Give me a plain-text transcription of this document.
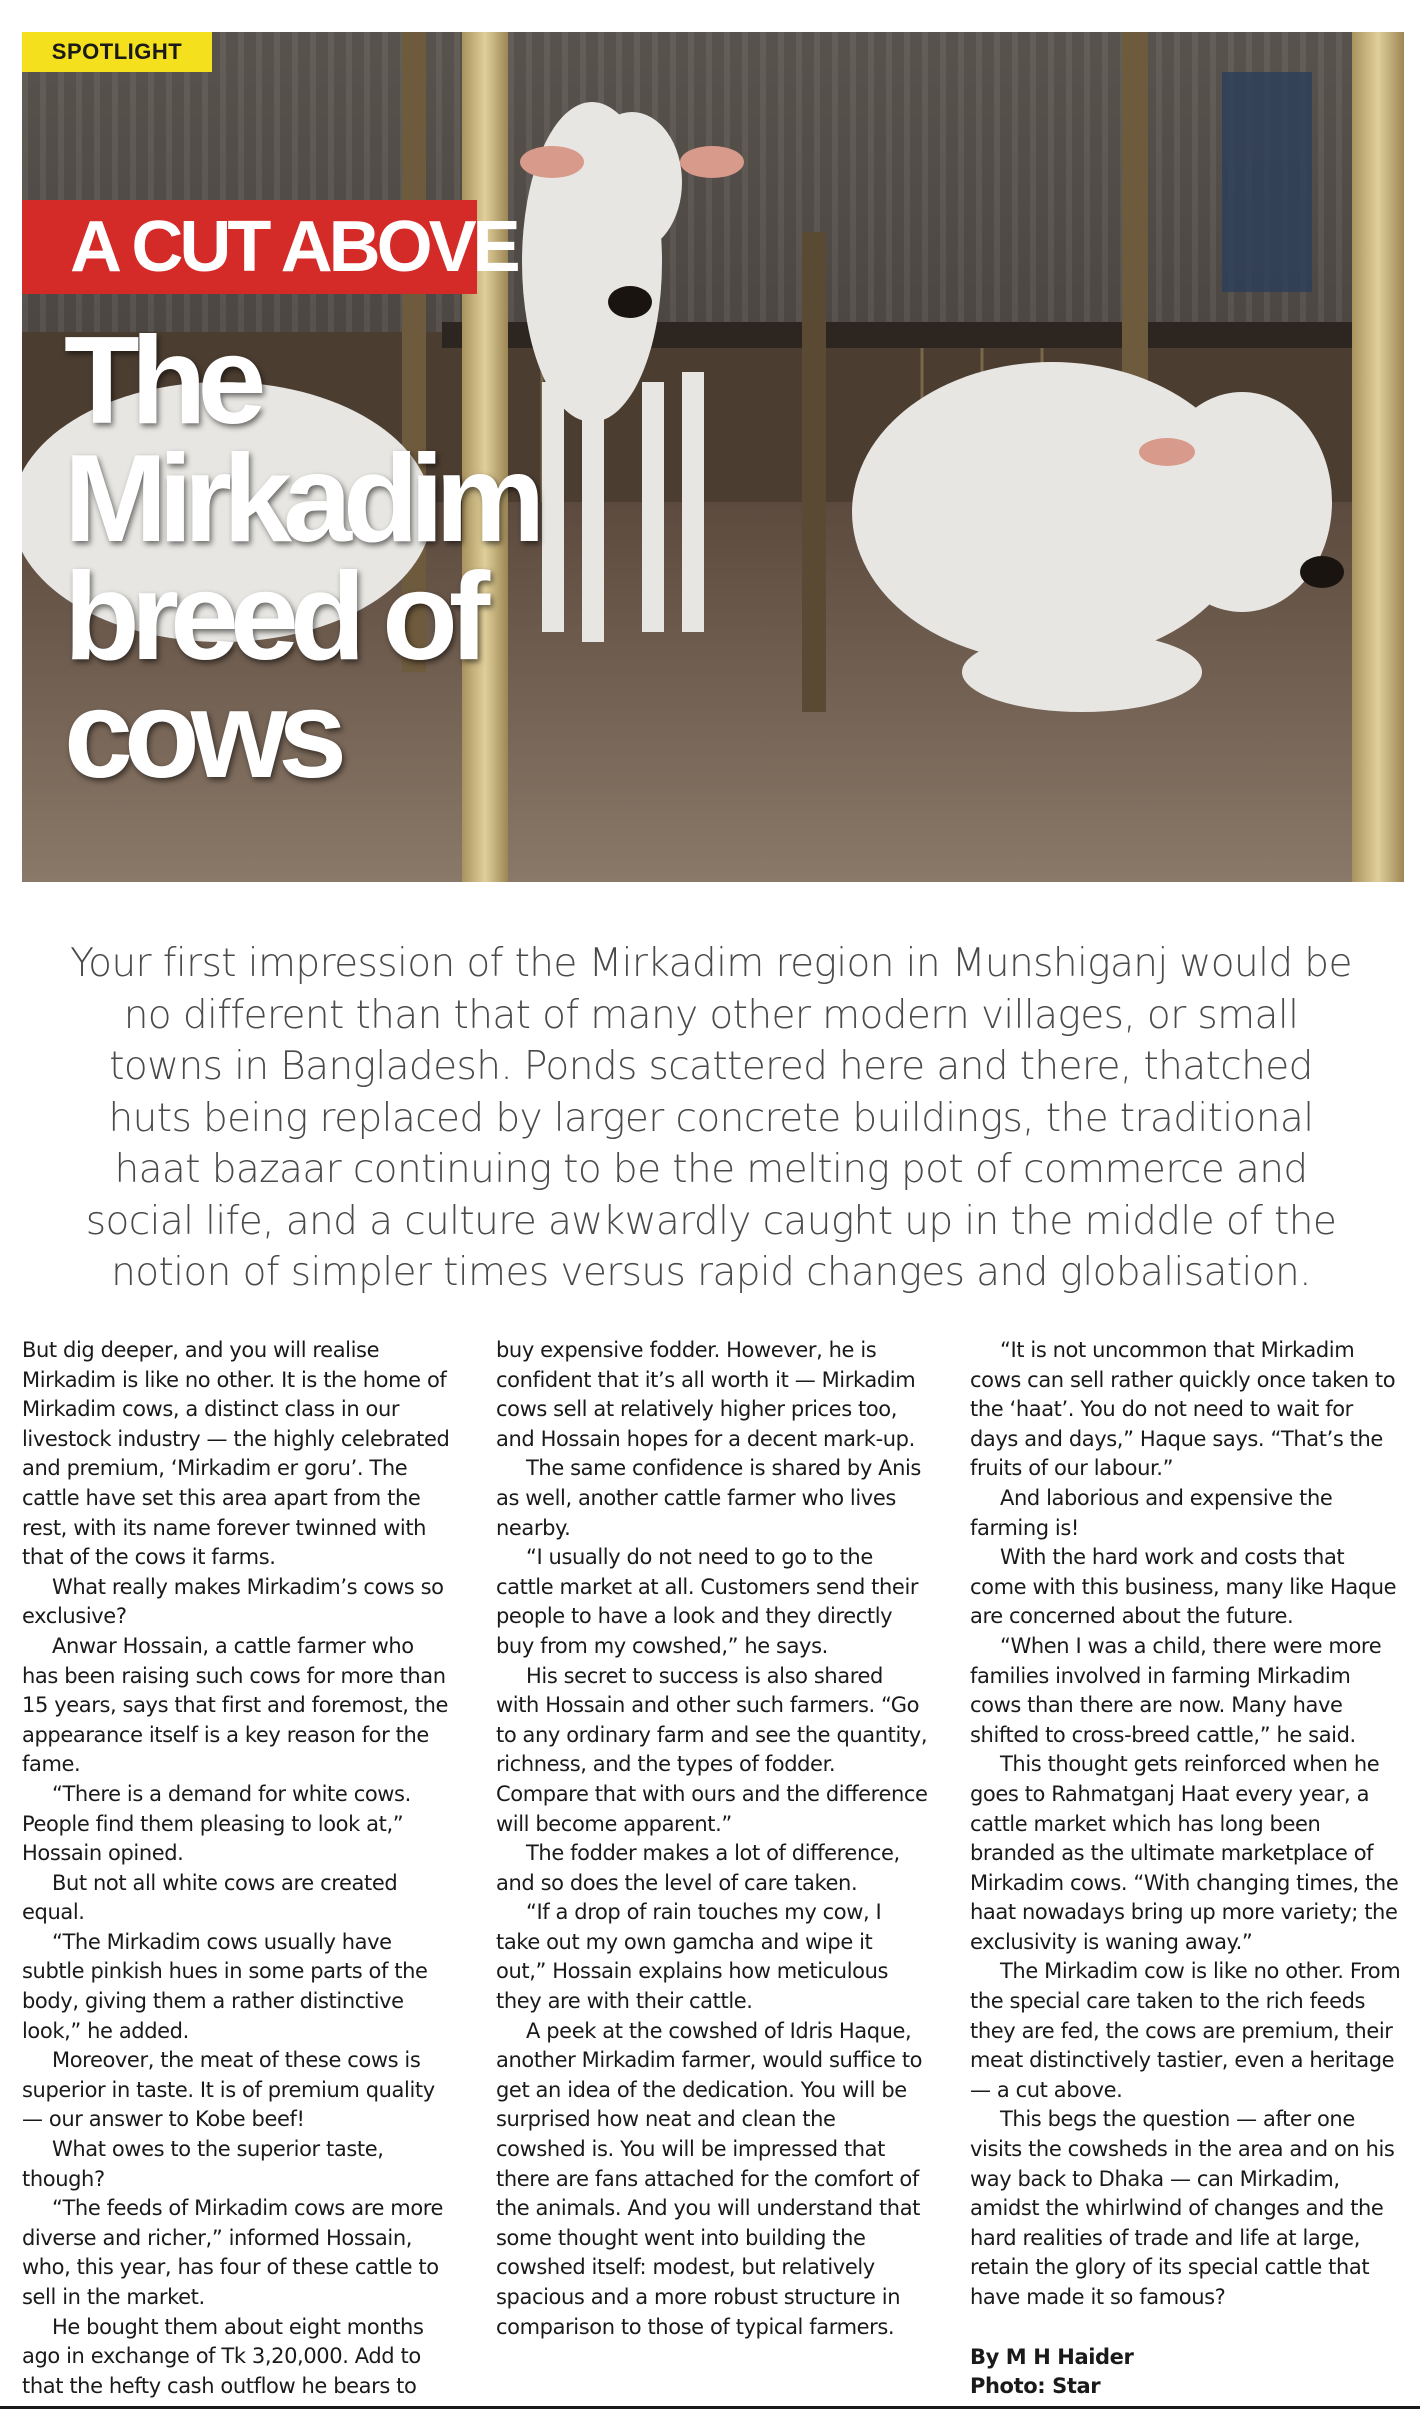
SPOTLIGHT
A CUT ABOVE
The Mirkadim breed of cows
Your first impression of the Mirkadim region in Munshiganj would be no different than that of many other modern villages, or small towns in Bangladesh. Ponds scattered here and there, thatched huts being replaced by larger concrete buildings, the traditional haat bazaar continuing to be the melting pot of commerce and social life, and a culture awkwardly caught up in the middle of the notion of simpler times versus rapid changes and globalisation.

But dig deeper, and you will realise Mirkadim is like no other. It is the home of Mirkadim cows, a distinct class in our livestock industry — the highly celebrated and premium, ‘Mirkadim er goru’. The cattle have set this area apart from the rest, with its name forever twinned with that of the cows it farms.

What really makes Mirkadim’s cows so exclusive?

Anwar Hossain, a cattle farmer who has been raising such cows for more than 15 years, says that first and foremost, the appearance itself is a key reason for the fame.

“There is a demand for white cows. People find them pleasing to look at,” Hossain opined.

But not all white cows are created equal.

“The Mirkadim cows usually have subtle pinkish hues in some parts of the body, giving them a rather distinctive look,” he added.

Moreover, the meat of these cows is superior in taste. It is of premium quality — our answer to Kobe beef!

What owes to the superior taste, though?

“The feeds of Mirkadim cows are more diverse and richer,” informed Hossain, who, this year, has four of these cattle to sell in the market.

He bought them about eight months ago in exchange of Tk 3,20,000. Add to that the hefty cash outflow he bears to

buy expensive fodder. However, he is confident that it’s all worth it — Mirkadim cows sell at relatively higher prices too, and Hossain hopes for a decent mark-up.

The same confidence is shared by Anis as well, another cattle farmer who lives nearby.

“I usually do not need to go to the cattle market at all. Customers send their people to have a look and they directly buy from my cowshed,” he says.

His secret to success is also shared with Hossain and other such farmers. “Go to any ordinary farm and see the quantity, richness, and the types of fodder. Compare that with ours and the difference will become apparent.”

The fodder makes a lot of difference, and so does the level of care taken.

“If a drop of rain touches my cow, I take out my own gamcha and wipe it out,” Hossain explains how meticulous they are with their cattle.

A peek at the cowshed of Idris Haque, another Mirkadim farmer, would suffice to get an idea of the dedication. You will be surprised how neat and clean the cowshed is. You will be impressed that there are fans attached for the comfort of the animals. And you will understand that some thought went into building the cowshed itself: modest, but relatively spacious and a more robust structure in comparison to those of typical farmers.

“It is not uncommon that Mirkadim cows can sell rather quickly once taken to the ‘haat’. You do not need to wait for days and days,” Haque says. “That’s the fruits of our labour.”

And laborious and expensive the farming is!

With the hard work and costs that come with this business, many like Haque are concerned about the future.

“When I was a child, there were more families involved in farming Mirkadim cows than there are now. Many have shifted to cross-breed cattle,” he said.

This thought gets reinforced when he goes to Rahmatganj Haat every year, a cattle market which has long been branded as the ultimate marketplace of Mirkadim cows. “With changing times, the haat nowadays bring up more variety; the exclusivity is waning away.”

The Mirkadim cow is like no other. From the special care taken to the rich feeds they are fed, the cows are premium, their meat distinctively tastier, even a heritage — a cut above.

This begs the question — after one visits the cowsheds in the area and on his way back to Dhaka — can Mirkadim, amidst the whirlwind of changes and the hard realities of trade and life at large, retain the glory of its special cattle that have made it so famous?

By M H Haider
Photo: Star
